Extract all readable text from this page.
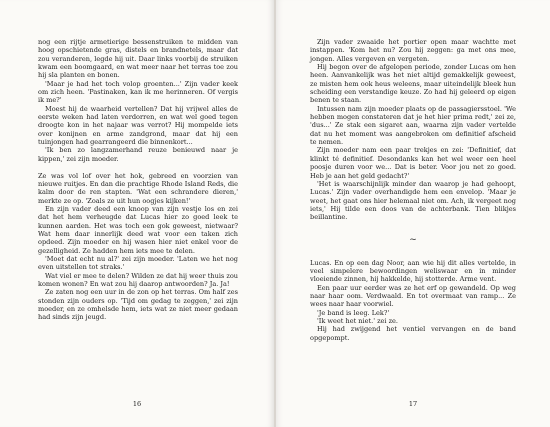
nog een rijtje armetierige bessenstruiken te midden van hoog opschietende gras, distels en brandnetels, maar dat zou veranderen, legde hij uit. Daar links voorbij de struiken kwam een boomgaard, en wat meer naar het terras toe zou hij sla planten en bonen.

'Maar je had het toch volop groenten...' Zijn vader keek om zich heen. 'Pastinaken, kan ik me herinneren. Of vergis ik me?'

Moest hij de waarheid vertellen? Dat hij vrijwel alles de eerste weken had laten verdorren, en wat wel goed tegen droogte kon in het najaar was verrot? Hij mompelde iets over konijnen en arme zandgrond, maar dat hij een tuinjongen had gearrangeerd die binnenkort...

'Ik ben zo langzamerhand reuze benieuwd naar je kippen,' zei zijn moeder.

Ze was vol lof over het hok, gebreed en voorzien van nieuwe ruitjes. En dan die prachtige Rhode Island Reds, die kalm door de ren stapten. 'Wat een schrandere dieren,' merkte ze op. 'Zoals ze uit hun oogjes kijken!'

En zijn vader deed een knoop van zijn vestje los en zei dat het hem verheugde dat Lucas hier zo goed leek te kunnen aarden. Het was toch een gok geweest, nietwaar? Wat hem daar innerlijk deed wat voor een taken zich opdeed. Zijn moeder en hij wasen hier niet enkel voor de gezelligheid. Ze hadden hem iets mee te delen.

'Moet dat echt nu al?' zei zijn moeder. 'Laten we het nog even uitstellen tot straks.'

Wat viel er mee te delen? Wilden ze dat hij weer thuis zou komen wonen? En wat zou hij daarop antwoorden? Ja. Ja!

Ze zaten nog een uur in de zon op het terras. Om half zes stonden zijn ouders op. 'Tijd om gedag te zeggen,' zei zijn moeder, en ze omhelsde hem, iets wat ze niet meer gedaan had sinds zijn jeugd.

16

Zijn vader zwaaide het portier open maar wachtte met instappen. 'Kom het nu? Zou hij zeggen: ga met ons mee, jongen. Alles vergeven en vergeten.

Hij begon over de afgelopen periode, zonder Lucas om hen heen. Aanvankelijk was het niet altijd gemakkelijk geweest, ze misten hem ook heus weleens, maar uiteindelijk bleek hun scheiding een verstandige keuze. Zo had hij geleerd op eigen benen te staan.

Intussen nam zijn moeder plaats op de passagiersstoel. 'We hebben mogen constateren dat je het hier prima redt,' zei ze, 'dus...' Ze stak een sigaret aan, waarna zijn vader vertelde dat nu het moment was aangebroken om definitief afscheid te nemen.

Zijn moeder nam een paar trekjes en zei: 'Definitief, dat klinkt té definitief. Desondanks kan het wel weer een heel poosje duren voor we... Dat is beter. Voor jou net zo goed. Heb je aan het geld gedacht?'

'Het is waarschijnlijk minder dan waarop je had gehoopt, Lucas.' Zijn vader overhandigde hem een envelop. 'Maar je weet, het gaat ons hier helemaal niet om. Ach, ik vergeet nog iets,' Hij tilde een doos van de achterbank. Tien blikjes beillantine.

~

Lucas. En op een dag Noor, aan wie hij dit alles vertelde, in veel simpelere bewoordingen weliswaar en in minder vloeiende zinnen, hij hakkelde, hij stotterde. Arme vent.

Een paar uur eerder was ze het erf op gewandeld. Op weg naar haar oom. Verdwaald. En tot overmaat van ramp... Ze wees naar haar voorwiel.

'Je band is leeg. Lek?'

'Ik weet het niet.' zei ze.

Hij had zwijgend het ventiel vervangen en de band opgepompt.

17
